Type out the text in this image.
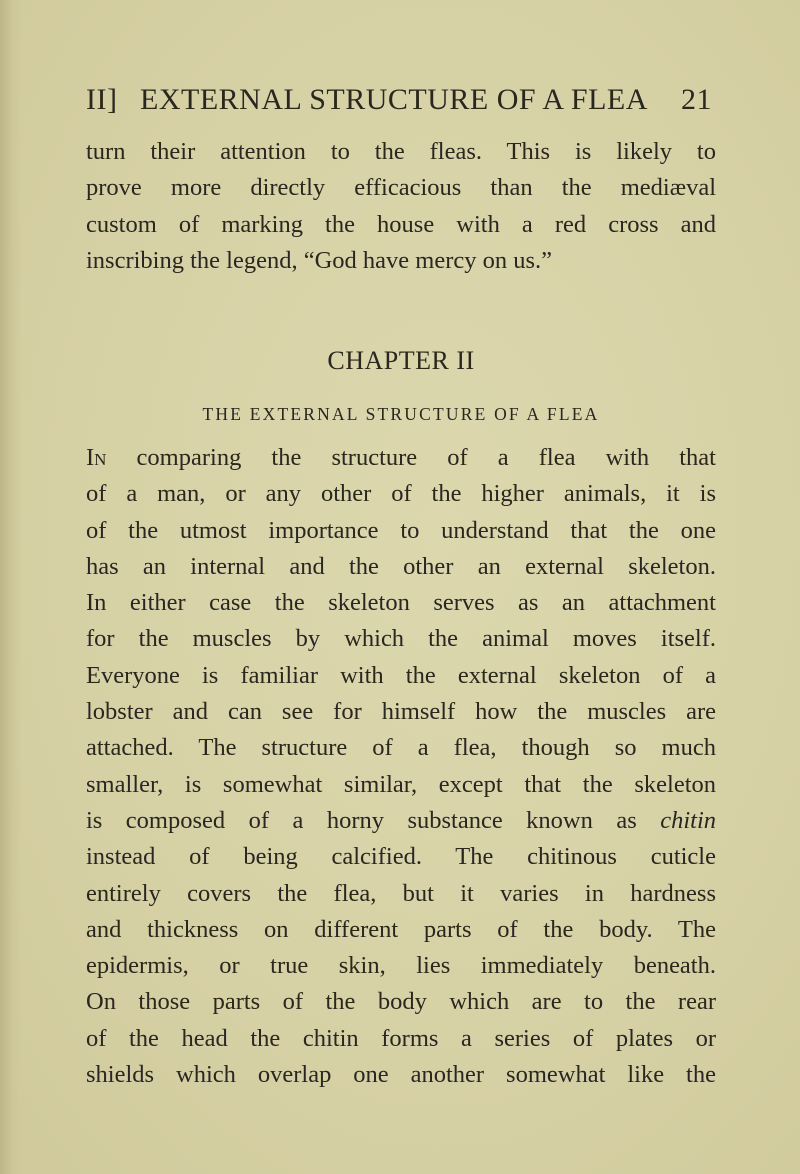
II] EXTERNAL STRUCTURE OF A FLEA 21
turn their attention to the fleas. This is likely to
prove more directly efficacious than the mediæval
custom of marking the house with a red cross and
inscribing the legend, “God have mercy on us.”
CHAPTER II
THE EXTERNAL STRUCTURE OF A FLEA
In comparing the structure of a flea with that
of a man, or any other of the higher animals, it is
of the utmost importance to understand that the one
has an internal and the other an external skeleton.
In either case the skeleton serves as an attachment
for the muscles by which the animal moves itself.
Everyone is familiar with the external skeleton of a
lobster and can see for himself how the muscles are
attached. The structure of a flea, though so much
smaller, is somewhat similar, except that the skeleton
is composed of a horny substance known as chitin
instead of being calcified. The chitinous cuticle
entirely covers the flea, but it varies in hardness
and thickness on different parts of the body. The
epidermis, or true skin, lies immediately beneath.
On those parts of the body which are to the rear
of the head the chitin forms a series of plates or
shields which overlap one another somewhat like the
